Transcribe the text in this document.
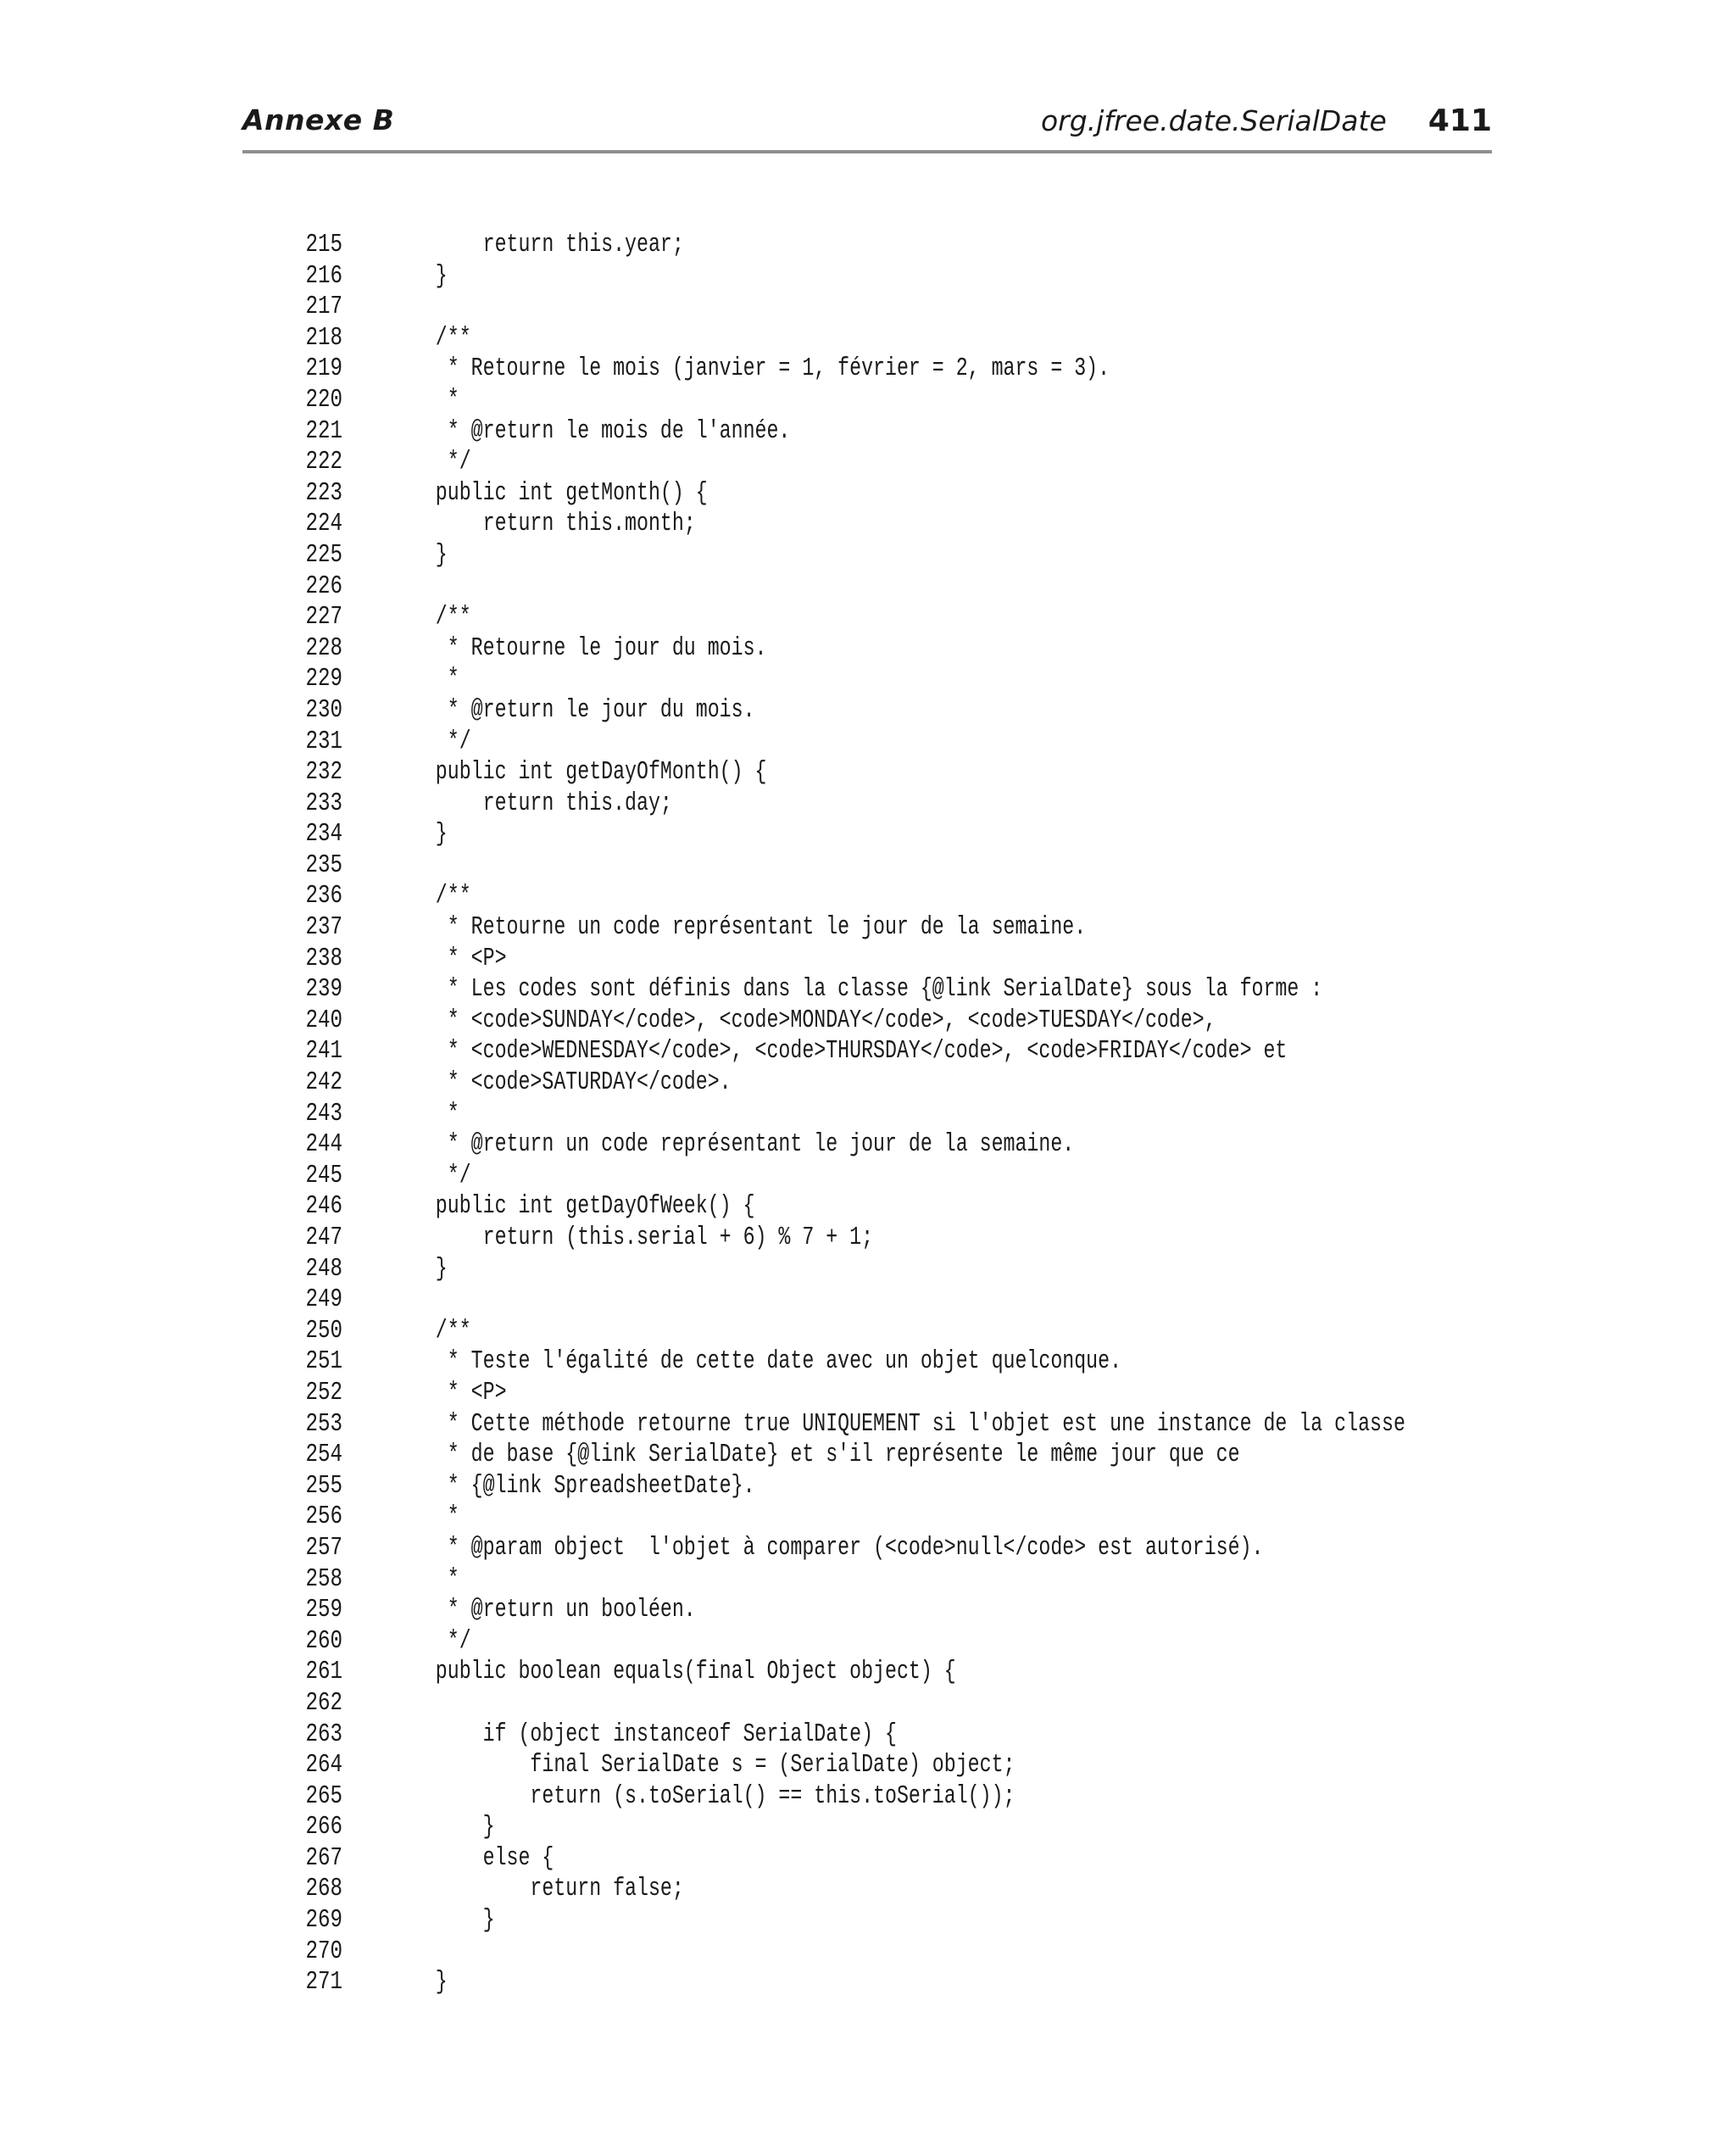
Annexe B	org.jfree.date.SerialDate 411
215        return this.year;
216    }
217
218    /**
219     * Retourne le mois (janvier = 1, février = 2, mars = 3).
220     *
221     * @return le mois de l'année.
222     */
223    public int getMonth() {
224        return this.month;
225    }
226
227    /**
228     * Retourne le jour du mois.
229     *
230     * @return le jour du mois.
231     */
232    public int getDayOfMonth() {
233        return this.day;
234    }
235
236    /**
237     * Retourne un code représentant le jour de la semaine.
238     * <P>
239     * Les codes sont définis dans la classe {@link SerialDate} sous la forme :
240     * <code>SUNDAY</code>, <code>MONDAY</code>, <code>TUESDAY</code>,
241     * <code>WEDNESDAY</code>, <code>THURSDAY</code>, <code>FRIDAY</code> et
242     * <code>SATURDAY</code>.
243     *
244     * @return un code représentant le jour de la semaine.
245     */
246    public int getDayOfWeek() {
247        return (this.serial + 6) % 7 + 1;
248    }
249
250    /**
251     * Teste l'égalité de cette date avec un objet quelconque.
252     * <P>
253     * Cette méthode retourne true UNIQUEMENT si l'objet est une instance de la classe
254     * de base {@link SerialDate} et s'il représente le même jour que ce
255     * {@link SpreadsheetDate}.
256     *
257     * @param object  l'objet à comparer (<code>null</code> est autorisé).
258     *
259     * @return un booléen.
260     */
261    public boolean equals(final Object object) {
262
263        if (object instanceof SerialDate) {
264            final SerialDate s = (SerialDate) object;
265            return (s.toSerial() == this.toSerial());
266        }
267        else {
268            return false;
269        }
270
271    }
